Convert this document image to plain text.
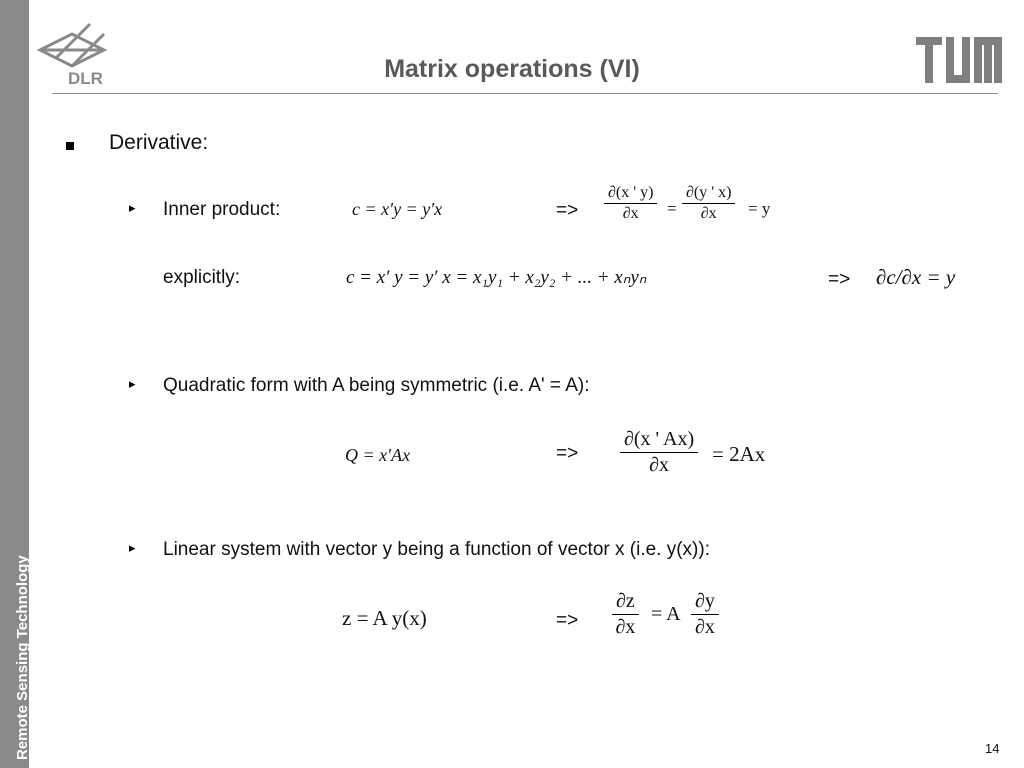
Remote Sensing Technology
DLR	Matrix operations (VI)
Derivative:
▸ Inner product:	c = x′y = y′x	=> $\frac{\partial(x ' y)}{\partial x} = \frac{\partial(y ' x)}{\partial x} = y$
explicitly:	c = x′ y = y′ x = x₁y₁ + x₂y₂ + ... + xₙyₙ	=> ∂c/∂x = y
▸ Quadratic form with A being symmetric (i.e. A' = A):
Q = x′Ax	=> $\frac{\partial(x ' Ax)}{\partial x} = 2Ax$
▸ Linear system with vector y being a function of vector x (i.e. y(x)):
z = A y(x)	=> $\frac{\partial z}{\partial x} = A \frac{\partial y}{\partial x}$
14
